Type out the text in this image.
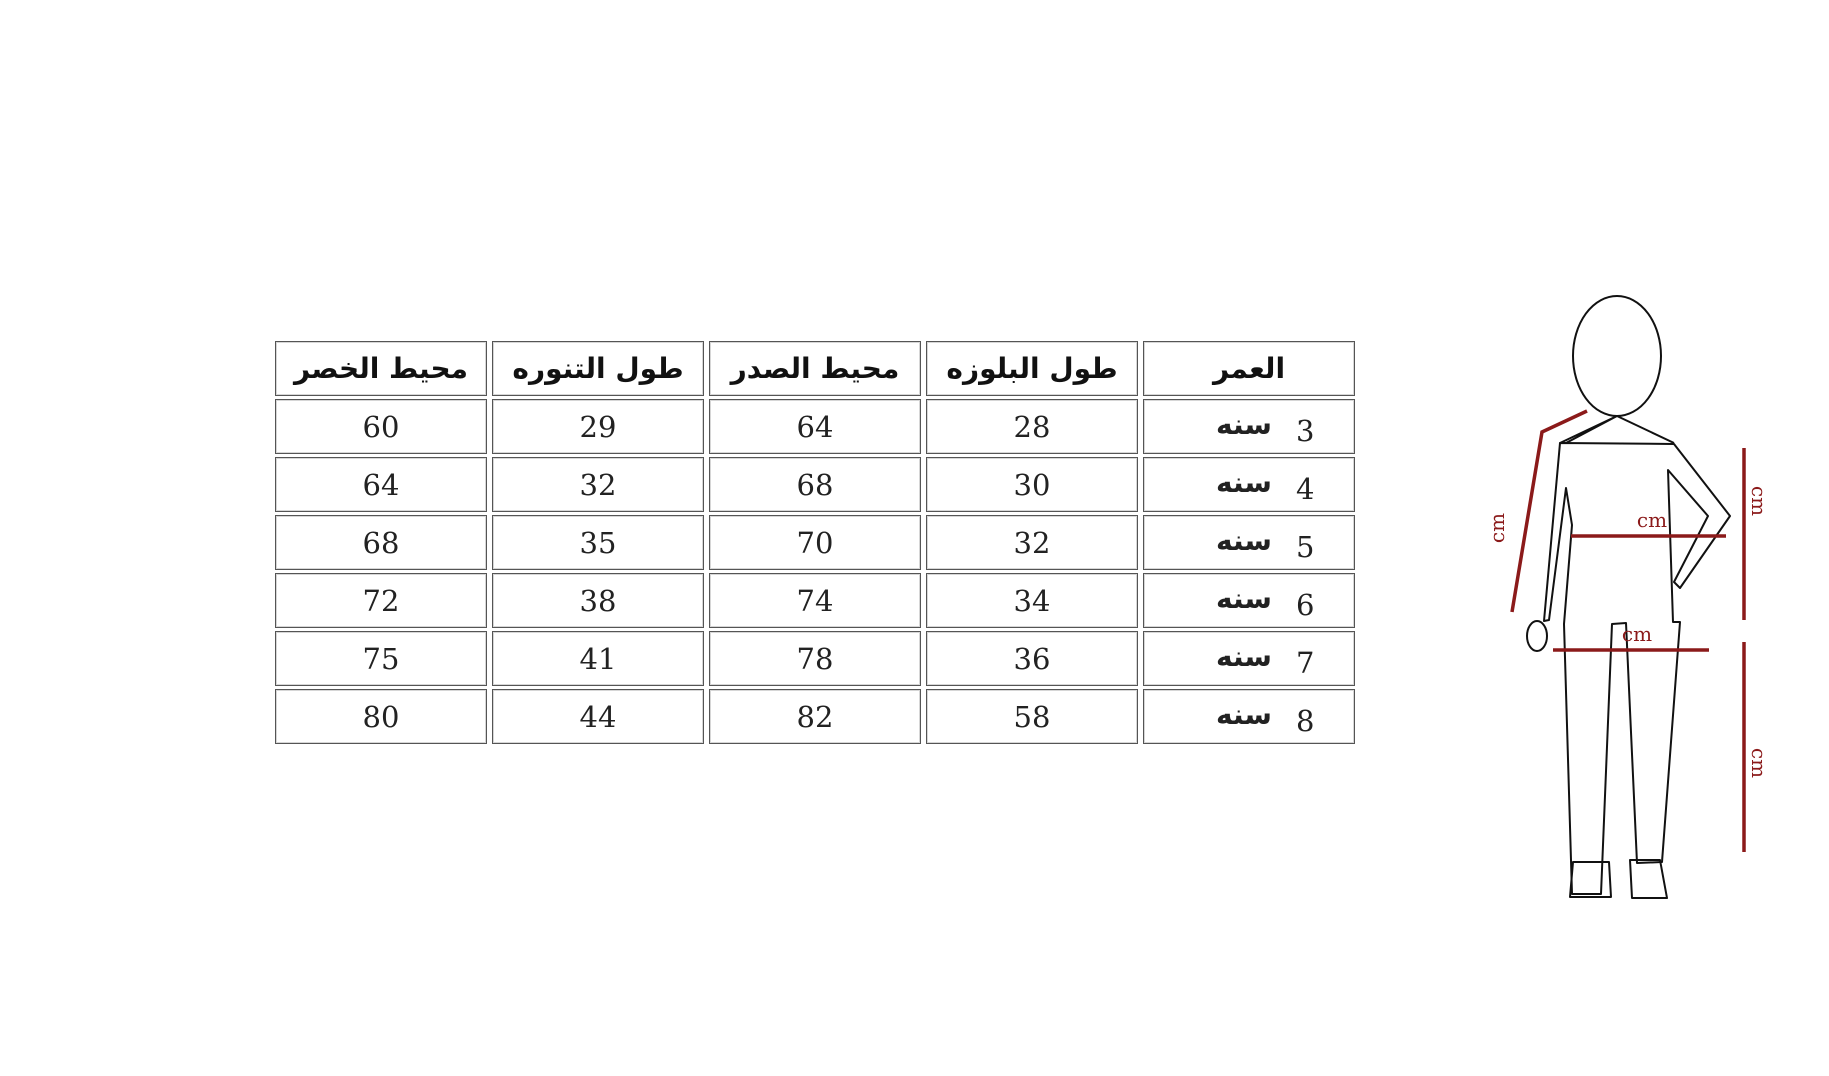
محيط الخصر	طول التنوره	محيط الصدر	طول البلوزه	العمر
60	29	64	28	سنه 3

64	32	68	30	سنه 4

68	35	70	32	سنه 5

72	38	74	34	سنه 6

75	41	78	36	سنه 7

80	44	82	58	سنه 8
cm	cm
cm
cm
cm
